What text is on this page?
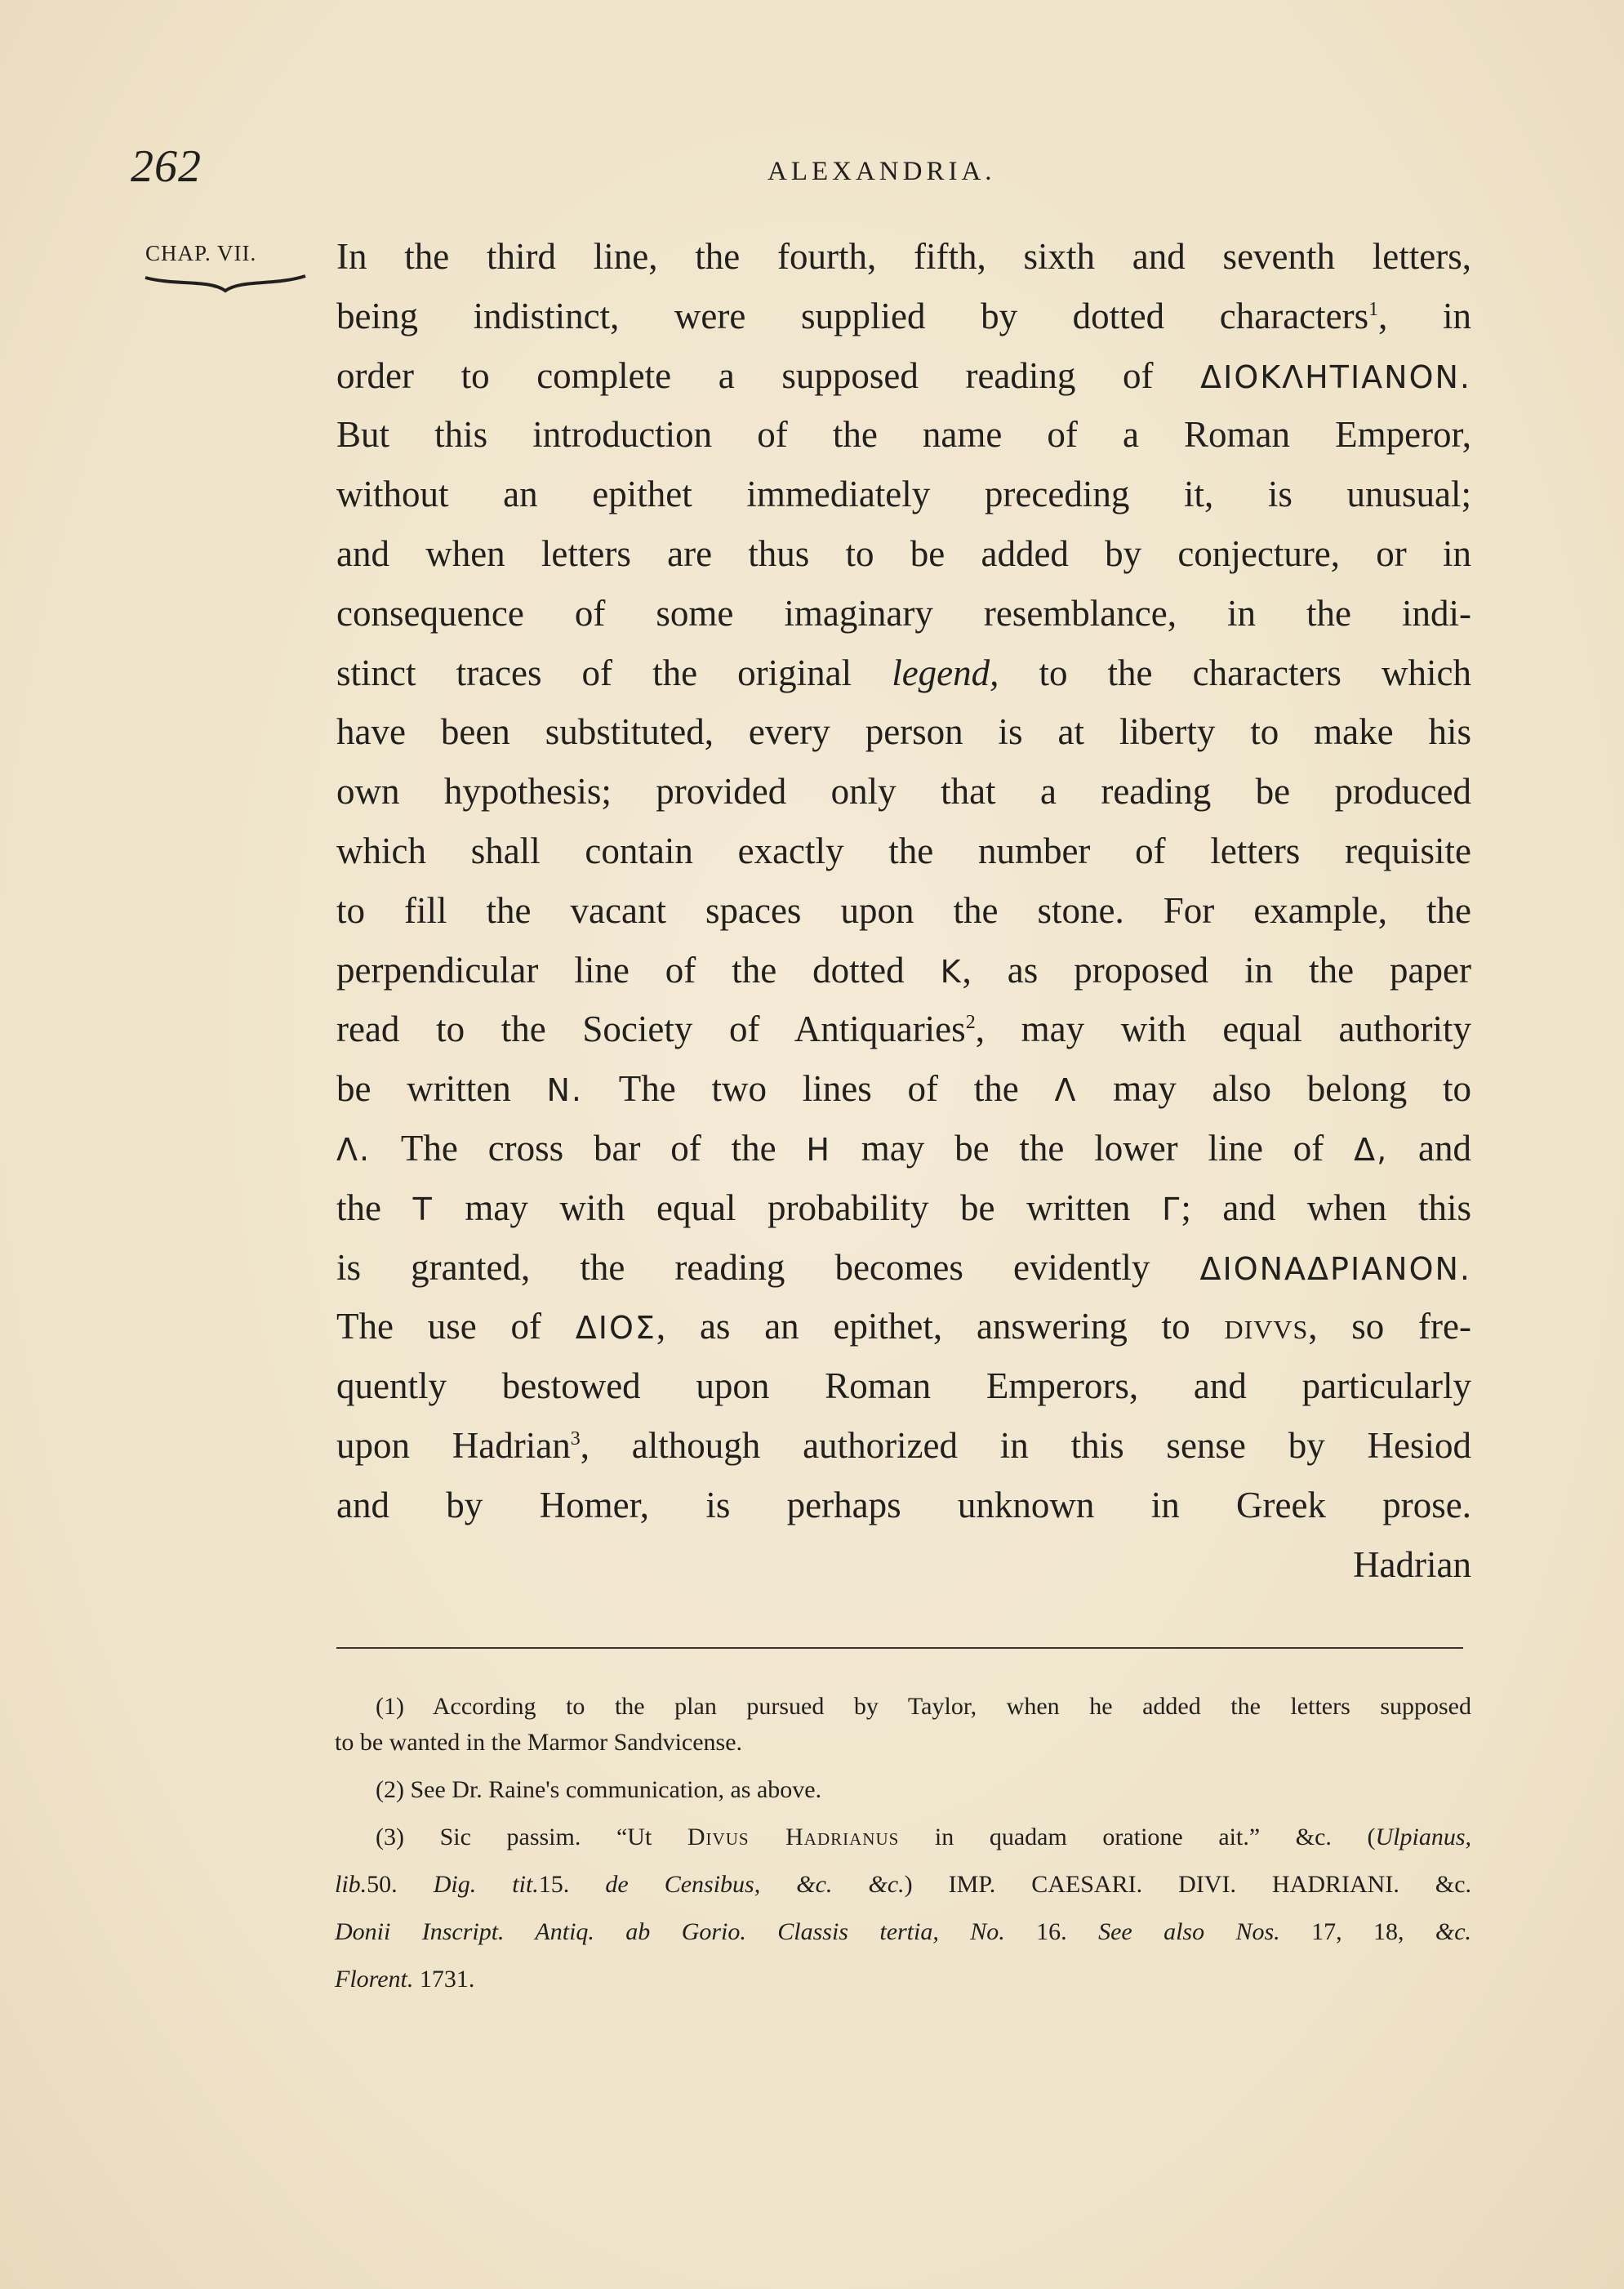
262	ALEXANDRIA.
CHAP. VII. In the third line, the fourth, fifth, sixth and seventh letters,
being indistinct, were supplied by dotted characters$^1$, in
order to complete a supposed reading of ΔΙΟΚΛΗΤΙΑΝΟΝ.
But this introduction of the name of a Roman Emperor,
without an epithet immediately preceding it, is unusual;
and when letters are thus to be added by conjecture, or in
consequence of some imaginary resemblance, in the indi-
stinct traces of the original legend, to the characters which
have been substituted, every person is at liberty to make his
own hypothesis; provided only that a reading be produced
which shall contain exactly the number of letters requisite
to fill the vacant spaces upon the stone. For example, the
perpendicular line of the dotted Κ, as proposed in the paper
read to the Society of Antiquaries$^2$, may with equal authority
be written Ν. The two lines of the Λ may also belong to
Λ. The cross bar of the Η may be the lower line of Δ, and
the Τ may with equal probability be written Γ; and when this
is granted, the reading becomes evidently ΔΙΟΝΑΔΡΙΑΝΟΝ.
The use of ΔΙΟΣ, as an epithet, answering to divvs, so fre-
quently bestowed upon Roman Emperors, and particularly
upon Hadrian$^3$, although authorized in this sense by Hesiod
and by Homer, is perhaps unknown in Greek prose.
Hadrian
(1) According to the plan pursued by Taylor, when he added the letters supposed
to be wanted in the Marmor Sandvicense.
(2) See Dr. Raine's communication, as above.
(3) Sic passim. “Ut Divus Hadrianus in quadam oratione ait.” &c. (Ulpianus,
lib.50. Dig. tit.15. de Censibus, &c. &c.) IMP. CAESARI. DIVI. HADRIANI. &c.
Donii Inscript. Antiq. ab Gorio. Classis tertia, No. 16. See also Nos. 17, 18, &c.
Florent. 1731.
